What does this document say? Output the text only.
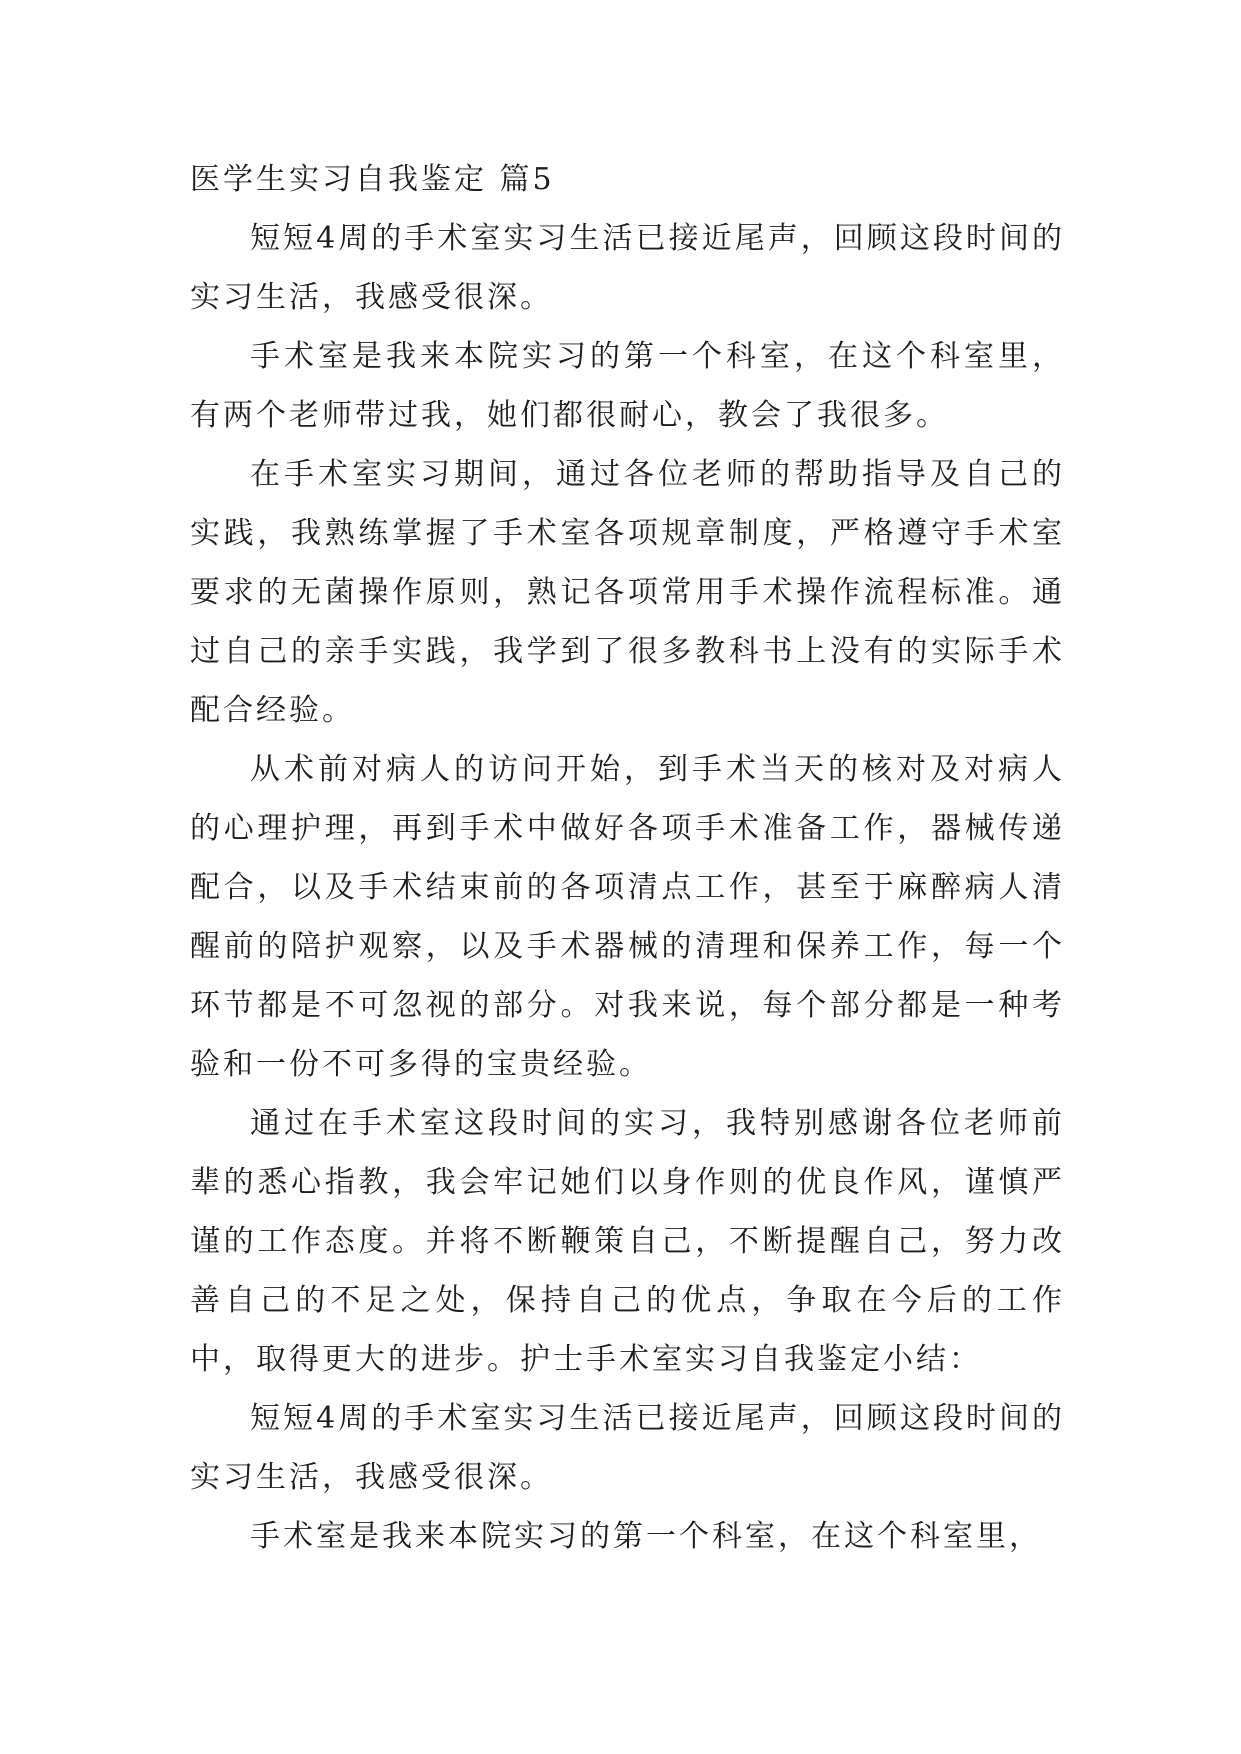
医学生实习自我鉴定 篇5

短短4周的手术室实习生活已接近尾声，回顾这段时间的实习生活，我感受很深。

手术室是我来本院实习的第一个科室，在这个科室里，有两个老师带过我，她们都很耐心，教会了我很多。

在手术室实习期间，通过各位老师的帮助指导及自己的实践，我熟练掌握了手术室各项规章制度，严格遵守手术室要求的无菌操作原则，熟记各项常用手术操作流程标准。通过自己的亲手实践，我学到了很多教科书上没有的实际手术配合经验。

从术前对病人的访问开始，到手术当天的核对及对病人的心理护理，再到手术中做好各项手术准备工作，器械传递配合，以及手术结束前的各项清点工作，甚至于麻醉病人清醒前的陪护观察，以及手术器械的清理和保养工作，每一个环节都是不可忽视的部分。对我来说，每个部分都是一种考验和一份不可多得的宝贵经验。

通过在手术室这段时间的实习，我特别感谢各位老师前辈的悉心指教，我会牢记她们以身作则的优良作风，谨慎严谨的工作态度。并将不断鞭策自己，不断提醒自己，努力改善自己的不足之处，保持自己的优点，争取在今后的工作中，取得更大的进步。护士手术室实习自我鉴定小结：

短短4周的手术室实习生活已接近尾声，回顾这段时间的实习生活，我感受很深。

手术室是我来本院实习的第一个科室，在这个科室里，
